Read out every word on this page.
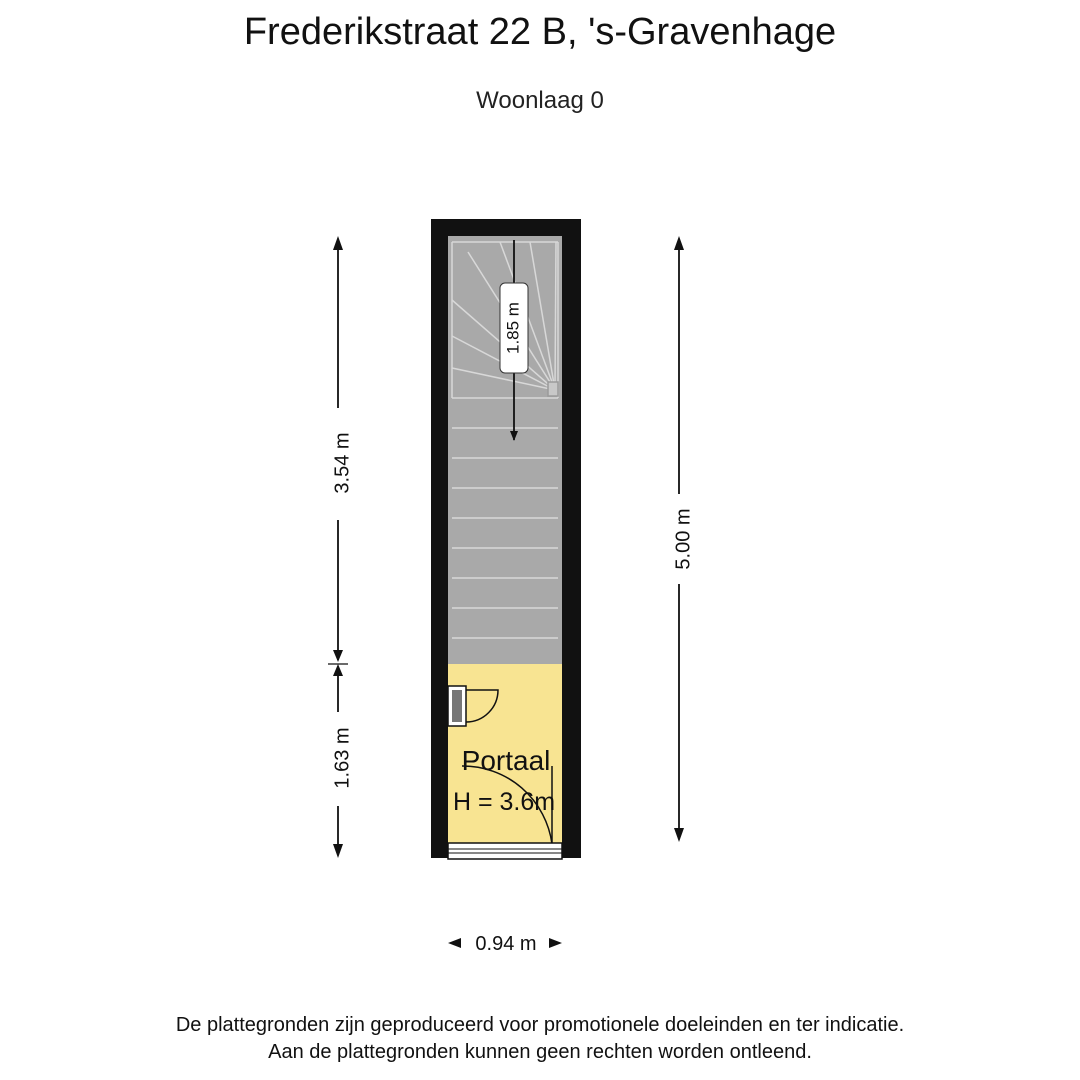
Frederikstraat 22 B, 's-Gravenhage
Woonlaag 0
1.85 m
Portaal
H = 3.6m
3.54 m
1.63 m
5.00 m
0.94 m
De plattegronden zijn geproduceerd voor promotionele doeleinden en ter indicatie.
Aan de plattegronden kunnen geen rechten worden ontleend.
